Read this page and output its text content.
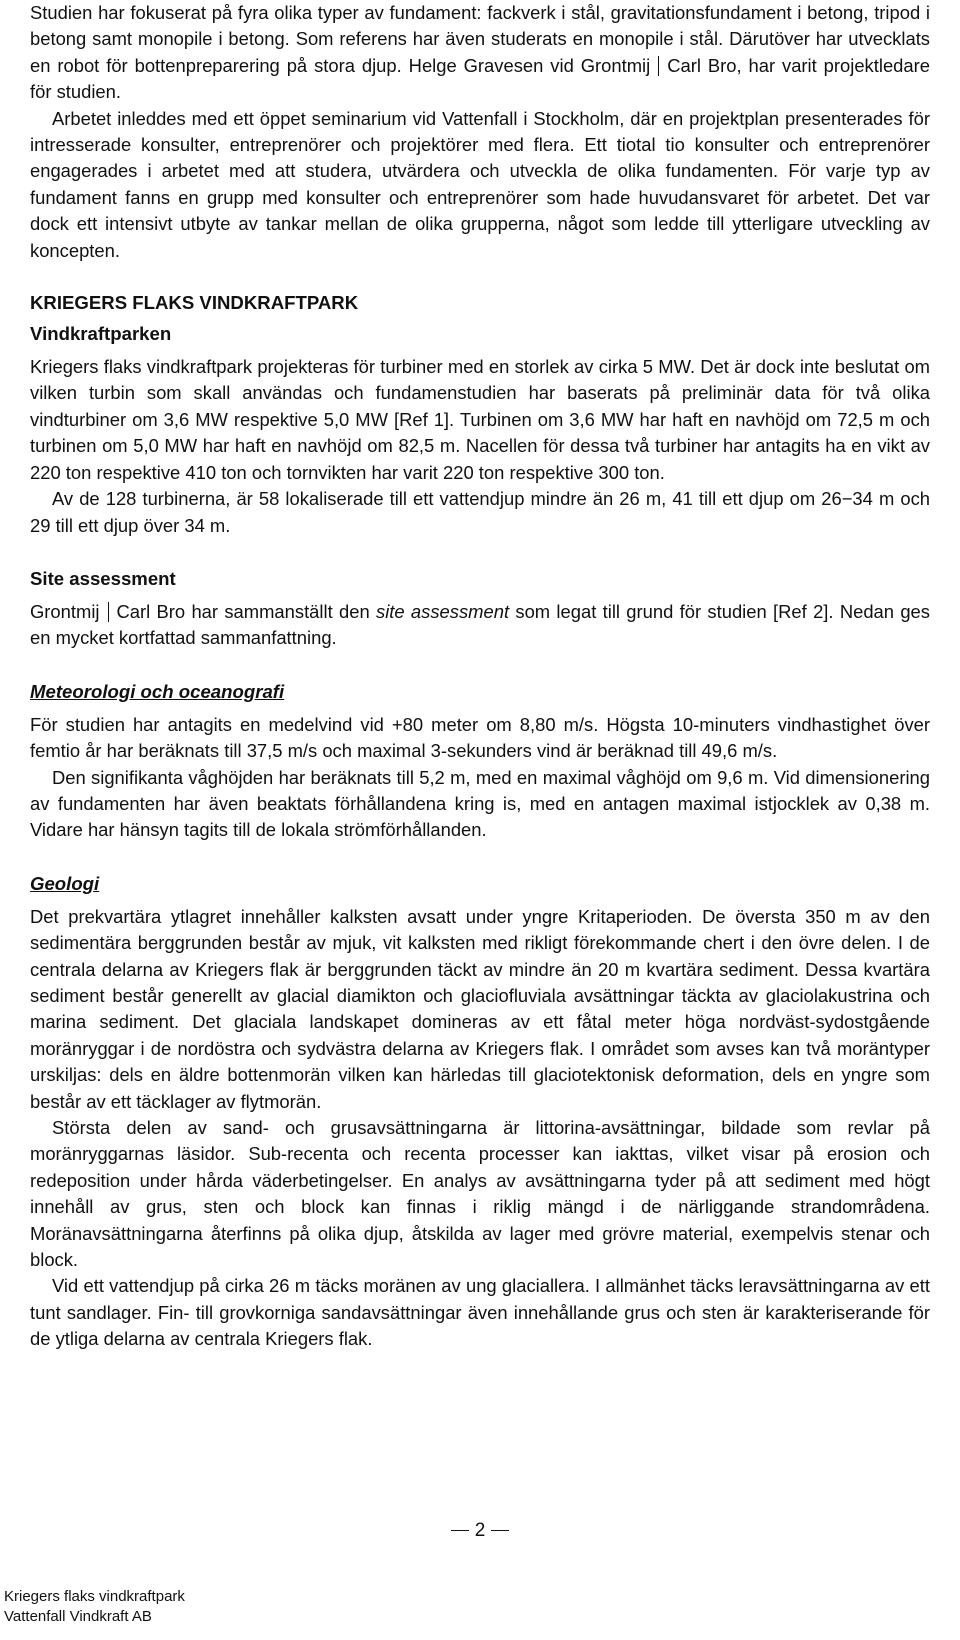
Studien har fokuserat på fyra olika typer av fundament: fackverk i stål, gravitationsfundament i betong, tripod i betong samt monopile i betong. Som referens har även studerats en monopile i stål. Därutöver har utvecklats en robot för bottenpreparering på stora djup. Helge Gravesen vid Grontmij Carl Bro, har varit projektledare för studien.

Arbetet inleddes med ett öppet seminarium vid Vattenfall i Stockholm, där en projektplan presenterades för intresserade konsulter, entreprenörer och projektörer med flera. Ett tiotal tio konsulter och entreprenörer engagerades i arbetet med att studera, utvärdera och utveckla de olika fundamenten. För varje typ av fundament fanns en grupp med konsulter och entreprenörer som hade huvudansvaret för arbetet. Det var dock ett intensivt utbyte av tankar mellan de olika grupperna, något som ledde till ytterligare utveckling av koncepten.

KRIEGERS FLAKS VINDKRAFTPARK

Vindkraftparken

Kriegers flaks vindkraftpark projekteras för turbiner med en storlek av cirka 5 MW. Det är dock inte beslutat om vilken turbin som skall användas och fundamenstudien har baserats på preliminär data för två olika vindturbiner om 3,6 MW respektive 5,0 MW [Ref 1]. Turbinen om 3,6 MW har haft en navhöjd om 72,5 m och turbinen om 5,0 MW har haft en navhöjd om 82,5 m. Nacellen för dessa två turbiner har antagits ha en vikt av 220 ton respektive 410 ton och tornvikten har varit 220 ton respektive 300 ton.

Av de 128 turbinerna, är 58 lokaliserade till ett vattendjup mindre än 26 m, 41 till ett djup om 26−34 m och 29 till ett djup över 34 m.

Site assessment

Grontmij Carl Bro har sammanställt den site assessment som legat till grund för studien [Ref 2]. Nedan ges en mycket kortfattad sammanfattning.

Meteorologi och oceanografi

För studien har antagits en medelvind vid +80 meter om 8,80 m/s. Högsta 10-minuters vindhastighet över femtio år har beräknats till 37,5 m/s och maximal 3-sekunders vind är beräknad till 49,6 m/s.

Den signifikanta våghöjden har beräknats till 5,2 m, med en maximal våghöjd om 9,6 m. Vid dimensionering av fundamenten har även beaktats förhållandena kring is, med en antagen maximal istjocklek av 0,38 m. Vidare har hänsyn tagits till de lokala strömförhållanden.

Geologi

Det prekvartära ytlagret innehåller kalksten avsatt under yngre Kritaperioden. De översta 350 m av den sedimentära berggrunden består av mjuk, vit kalksten med rikligt förekommande chert i den övre delen. I de centrala delarna av Kriegers flak är berggrunden täckt av mindre än 20 m kvartära sediment. Dessa kvartära sediment består generellt av glacial diamikton och glaciofluviala avsättningar täckta av glaciolakustrina och marina sediment. Det glaciala landskapet domineras av ett fåtal meter höga nordväst-sydostgående moränryggar i de nordöstra och sydvästra delarna av Kriegers flak. I området som avses kan två moräntyper urskiljas: dels en äldre bottenmorän vilken kan härledas till glaciotektonisk deformation, dels en yngre som består av ett täcklager av flytmorän.

Största delen av sand- och grusavsättningarna är littorina-avsättningar, bildade som revlar på moränryggarnas läsidor. Sub-recenta och recenta processer kan iakttas, vilket visar på erosion och redeposition under hårda väderbetingelser. En analys av avsättningarna tyder på att sediment med högt innehåll av grus, sten och block kan finnas i riklig mängd i de närliggande strandområdena. Moränavsättningarna återfinns på olika djup, åtskilda av lager med grövre material, exempelvis stenar och block.

Vid ett vattendjup på cirka 26 m täcks moränen av ung glaciallera. I allmänhet täcks leravsättningarna av ett tunt sandlager. Fin- till grovkorniga sandavsättningar även innehållande grus och sten är karakteriserande för de ytliga delarna av centrala Kriegers flak.

2
Kriegers flaks vindkraftpark
Vattenfall Vindkraft AB
